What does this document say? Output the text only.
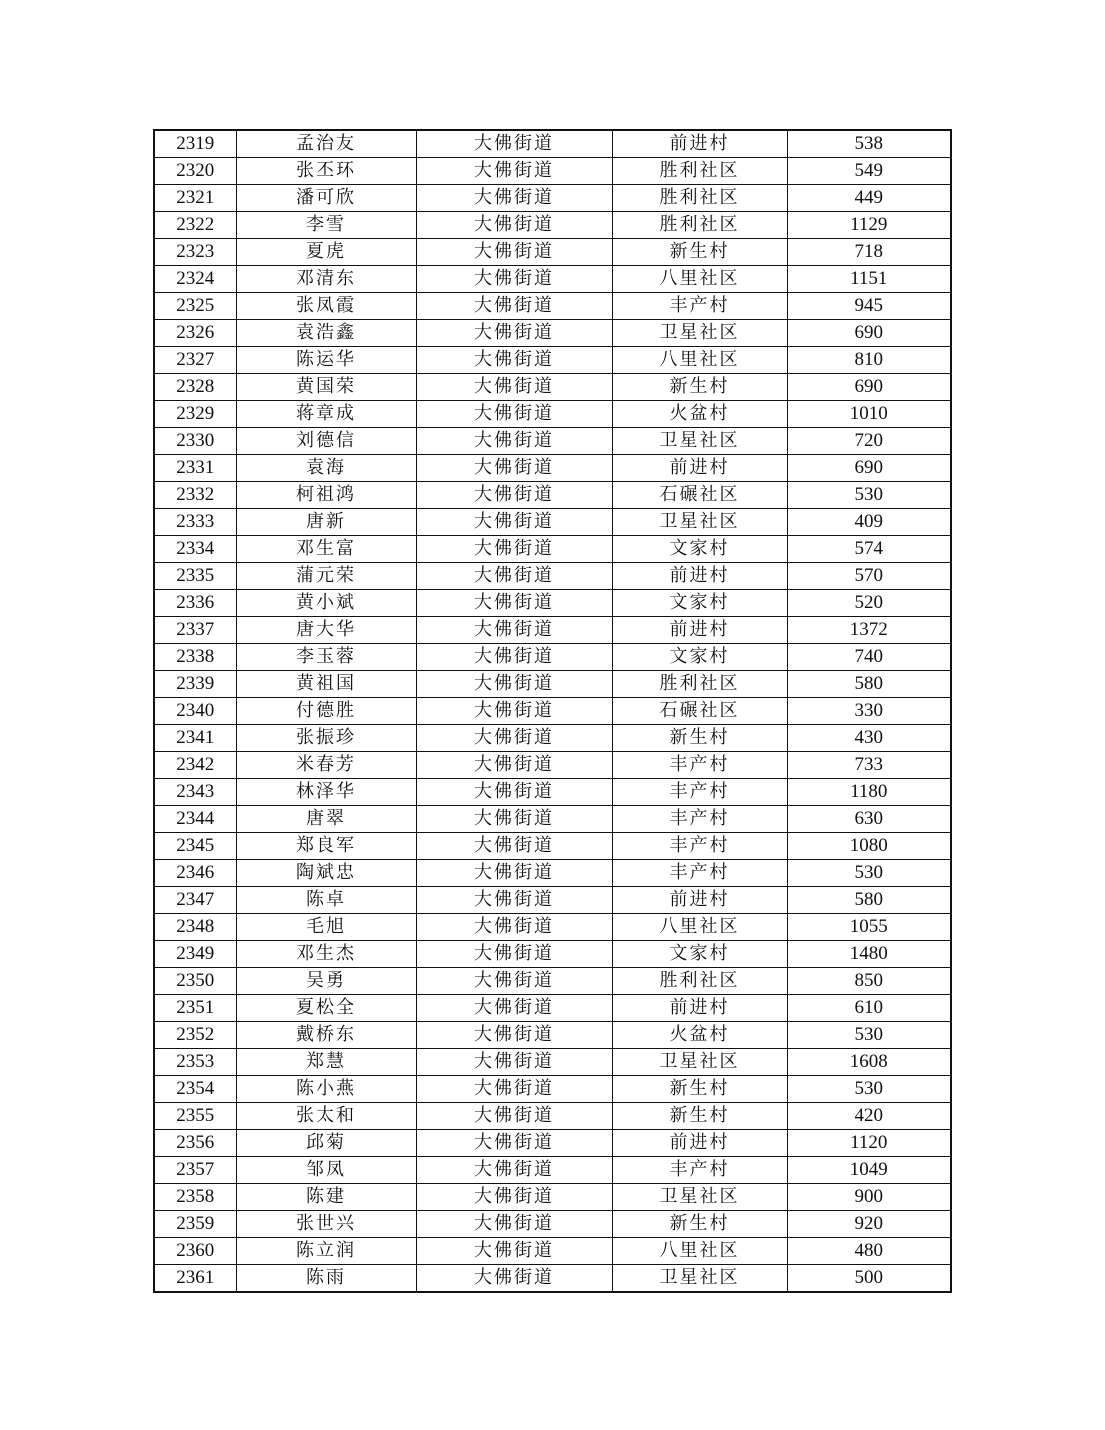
2319	孟治友	大佛街道	前进村	538
2320	张丕环	大佛街道	胜利社区	549
2321	潘可欣	大佛街道	胜利社区	449
2322	李雪	大佛街道	胜利社区	1129
2323	夏虎	大佛街道	新生村	718
2324	邓清东	大佛街道	八里社区	1151
2325	张凤霞	大佛街道	丰产村	945
2326	袁浩鑫	大佛街道	卫星社区	690
2327	陈运华	大佛街道	八里社区	810
2328	黄国荣	大佛街道	新生村	690
2329	蒋章成	大佛街道	火盆村	1010
2330	刘德信	大佛街道	卫星社区	720
2331	袁海	大佛街道	前进村	690
2332	柯祖鸿	大佛街道	石碾社区	530
2333	唐新	大佛街道	卫星社区	409
2334	邓生富	大佛街道	文家村	574
2335	蒲元荣	大佛街道	前进村	570
2336	黄小斌	大佛街道	文家村	520
2337	唐大华	大佛街道	前进村	1372
2338	李玉蓉	大佛街道	文家村	740
2339	黄祖国	大佛街道	胜利社区	580
2340	付德胜	大佛街道	石碾社区	330
2341	张振珍	大佛街道	新生村	430
2342	米春芳	大佛街道	丰产村	733
2343	林泽华	大佛街道	丰产村	1180
2344	唐翠	大佛街道	丰产村	630
2345	郑良军	大佛街道	丰产村	1080
2346	陶斌忠	大佛街道	丰产村	530
2347	陈卓	大佛街道	前进村	580
2348	毛旭	大佛街道	八里社区	1055
2349	邓生杰	大佛街道	文家村	1480
2350	吴勇	大佛街道	胜利社区	850
2351	夏松全	大佛街道	前进村	610
2352	戴桥东	大佛街道	火盆村	530
2353	郑慧	大佛街道	卫星社区	1608
2354	陈小燕	大佛街道	新生村	530
2355	张太和	大佛街道	新生村	420
2356	邱菊	大佛街道	前进村	1120
2357	邹凤	大佛街道	丰产村	1049
2358	陈建	大佛街道	卫星社区	900
2359	张世兴	大佛街道	新生村	920
2360	陈立润	大佛街道	八里社区	480
2361	陈雨	大佛街道	卫星社区	500
